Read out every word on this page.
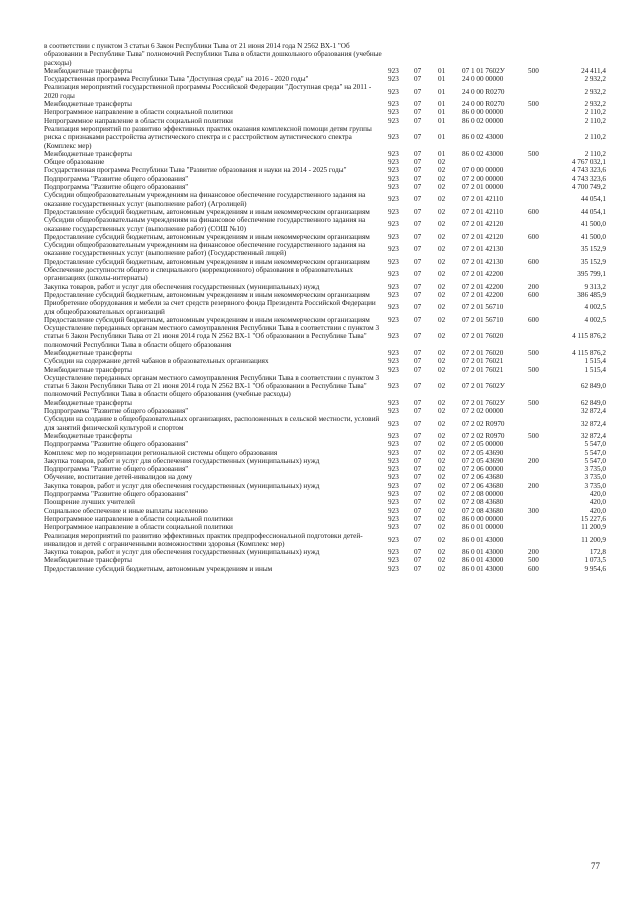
в соответствии с пунктом 3 статьи 6 Закон Республики Тыва от 21 июня 2014 года N 2562 ВХ-1 "Об образовании в Республике Тыва" полномочий Республики Тыва в области дошкольного образования (учебные расходы)						
Межбюджетные трансферты	923	07	01	07 1 01 7602У	500	24 411,4
Государственная программа Республики Тыва "Доступная среда" на 2016 - 2020 годы"	923	07	01	24 0 00 00000		2 932,2
Реализация мероприятий государственной программы Российской Федерации "Доступная среда" на 2011 - 2020 годы	923	07	01	24 0 00 R0270		2 932,2
Межбюджетные трансферты	923	07	01	24 0 00 R0270	500	2 932,2
Непрограммное направление в области социальной политики	923	07	01	86 0 00 00000		2 110,2
Непрограммное направление в области социальной политики	923	07	01	86 0 02 00000		2 110,2
Реализация мероприятий по развитию эффективных практик оказания комплексной помощи детям группы риска с признаками расстройства аутистического спектра и с расстройством аутистического спектра (Комплекс мер)	923	07	01	86 0 02 43000		2 110,2
Межбюджетные трансферты	923	07	01	86 0 02 43000	500	2 110,2
Общее образование	923	07	02			4 767 032,1
Государственная программа Республики Тыва "Развитие образования и науки на 2014 - 2025 годы"	923	07	02	07 0 00 00000		4 743 323,6
Подпрограмма "Развитие общего образования"	923	07	02	07 2 00 00000		4 743 323,6
Подпрограмма "Развитие общего образования"	923	07	02	07 2 01 00000		4 700 749,2
Субсидии общеобразовательным учреждениям на финансовое обеспечение государственного задания на оказание государственных услуг (выполнение работ) (Агролицей)	923	07	02	07 2 01 42110		44 054,1
Предоставление субсидий бюджетным, автономным учреждениям и иным некоммерческим организациям	923	07	02	07 2 01 42110	600	44 054,1
Субсидии общеобразовательным учреждениям на финансовое обеспечение государственного задания на оказание государственных услуг (выполнение работ) (СОШ №10)	923	07	02	07 2 01 42120		41 500,0
Предоставление субсидий бюджетным, автономным учреждениям и иным некоммерческим организациям	923	07	02	07 2 01 42120	600	41 500,0
Субсидии общеобразовательным учреждениям на финансовое обеспечение государственного задания на оказание государственных услуг (выполнение работ) (Государственный лицей)	923	07	02	07 2 01 42130		35 152,9
Предоставление субсидий бюджетным, автономным учреждениям и иным некоммерческим организациям	923	07	02	07 2 01 42130	600	35 152,9
Обеспечение доступности общего и специального (коррекционного) образования в образовательных организациях (школы-интернаты)	923	07	02	07 2 01 42200		395 799,1
Закупка товаров, работ и услуг для обеспечения государственных (муниципальных) нужд	923	07	02	07 2 01 42200	200	9 313,2
Предоставление субсидий бюджетным, автономным учреждениям и иным некоммерческим организациям	923	07	02	07 2 01 42200	600	386 485,9
Приобретение оборудования и мебели за счет средств резервного фонда Президента Российской Федерации для общеобразовательных организаций	923	07	02	07 2 01 56710		4 002,5
Предоставление субсидий бюджетным, автономным учреждениям и иным некоммерческим организациям	923	07	02	07 2 01 56710	600	4 002,5
Осуществление переданных органам местного самоуправления Республики Тыва в соответствии с пунктом 3 статьи 6 Закон Республики Тыва от 21 июня 2014 года N 2562 ВХ-1 "Об образовании в Республике Тыва" полномочий Республики Тыва в области общего образования	923	07	02	07 2 01 76020		4 115 876,2
Межбюджетные трансферты	923	07	02	07 2 01 76020	500	4 115 876,2
Субсидии на содержание детей чабанов в образовательных организациях	923	07	02	07 2 01 76021		1 515,4
Межбюджетные трансферты	923	07	02	07 2 01 76021	500	1 515,4
Осуществление переданных органам местного самоуправления Республики Тыва в соответствии с пунктом 3 статьи 6 Закон Республики Тыва от 21 июня 2014 года N 2562 ВХ-1 "Об образовании в Республике Тыва" полномочий Республики Тыва в области общего образования (учебные расходы)	923	07	02	07 2 01 7602У		62 849,0
Межбюджетные трансферты	923	07	02	07 2 01 7602У	500	62 849,0
Подпрограмма "Развитие общего образования"	923	07	02	07 2 02 00000		32 872,4
Субсидии на создание в общеобразовательных организациях, расположенных в сельской местности, условий для занятий физической культурой и спортом	923	07	02	07 2 02 R0970		32 872,4
Межбюджетные трансферты	923	07	02	07 2 02 R0970	500	32 872,4
Подпрограмма "Развитие общего образования"	923	07	02	07 2 05 00000		5 547,0
Комплекс мер по модернизации региональной системы общего образования	923	07	02	07 2 05 43690		5 547,0
Закупка товаров, работ и услуг для обеспечения государственных (муниципальных) нужд	923	07	02	07 2 05 43690	200	5 547,0
Подпрограмма "Развитие общего образования"	923	07	02	07 2 06 00000		3 735,0
Обучение, воспитание детей-инвалидов на дому	923	07	02	07 2 06 43680		3 735,0
Закупка товаров, работ и услуг для обеспечения государственных (муниципальных) нужд	923	07	02	07 2 06 43680	200	3 735,0
Подпрограмма "Развитие общего образования"	923	07	02	07 2 08 00000		420,0
Поощрение лучших учителей	923	07	02	07 2 08 43680		420,0
Социальное обеспечение и иные выплаты населению	923	07	02	07 2 08 43680	300	420,0
Непрограммное направление в области социальной политики	923	07	02	86 0 00 00000		15 227,6
Непрограммное направление в области социальной политики	923	07	02	86 0 01 00000		11 200,9
Реализация мероприятий по развитию эффективных практик предпрофессиональной подготовки детей-инвалидов и детей с ограниченными возможностями здоровья (Комплекс мер)	923	07	02	86 0 01 43000		11 200,9
Закупка товаров, работ и услуг для обеспечения государственных (муниципальных) нужд	923	07	02	86 0 01 43000	200	172,8
Межбюджетные трансферты	923	07	02	86 0 01 43000	500	1 073,5
Предоставление субсидий бюджетным, автономным учреждениям и иным	923	07	02	86 0 01 43000	600	9 954,6
77
